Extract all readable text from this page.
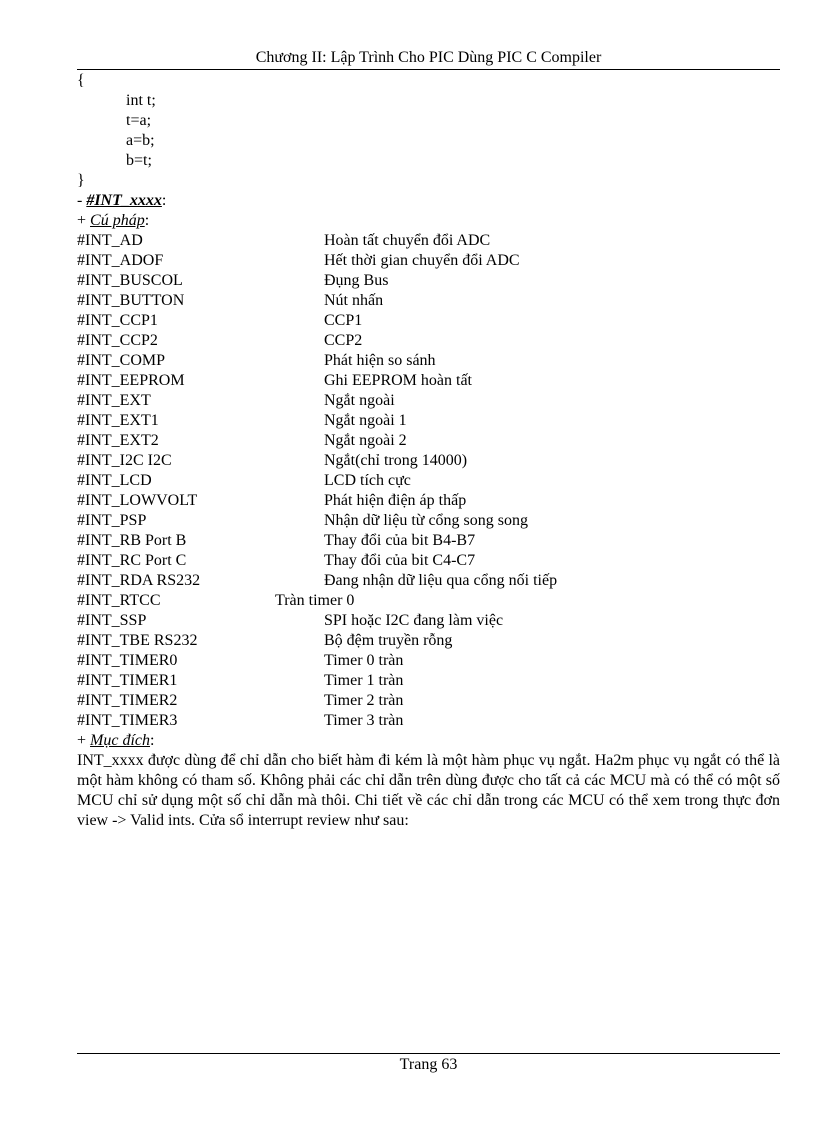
Chương II: Lập Trình Cho PIC Dùng PIC C Compiler
{
int t;
t=a;
a=b;
b=t;
}
- #INT_xxxx:
+ Cú pháp:
#INT_AD	Hoàn tất chuyển đổi ADC
#INT_ADOF	Hết thời gian chuyển đổi ADC
#INT_BUSCOL	Đụng Bus
#INT_BUTTON	Nút nhấn
#INT_CCP1	CCP1
#INT_CCP2	CCP2
#INT_COMP	Phát hiện so sánh
#INT_EEPROM	Ghi EEPROM hoàn tất
#INT_EXT	Ngắt ngoài
#INT_EXT1	Ngắt ngoài 1
#INT_EXT2	Ngắt ngoài 2
#INT_I2C I2C	Ngắt(chỉ trong 14000)
#INT_LCD	LCD tích cực
#INT_LOWVOLT	Phát hiện điện áp thấp
#INT_PSP	Nhận dữ liệu từ cổng song song
#INT_RB Port B	Thay đổi của bit B4-B7
#INT_RC Port C	Thay đổi của bit C4-C7
#INT_RDA RS232	Đang nhận dữ liệu qua cổng nối tiếp
#INT_RTCC	Tràn timer 0
#INT_SSP	SPI hoặc I2C đang làm việc
#INT_TBE RS232	Bộ đệm truyền rỗng
#INT_TIMER0	Timer 0 tràn
#INT_TIMER1	Timer 1 tràn
#INT_TIMER2	Timer 2 tràn
#INT_TIMER3	Timer 3 tràn
+ Mục đích:

INT_xxxx được dùng để chỉ dẫn cho biết hàm đi kém là một hàm phục vụ ngắt. Ha2m phục vụ ngắt có thể là một hàm không có tham số. Không phải các chỉ dẫn trên dùng được cho tất cả các MCU mà có thể có một số MCU chỉ sử dụng một số chỉ dẫn mà thôi. Chi tiết về các chỉ dẫn trong các MCU có thể xem trong thực đơn view -> Valid ints. Cửa sổ interrupt review như sau:

Trang 63
